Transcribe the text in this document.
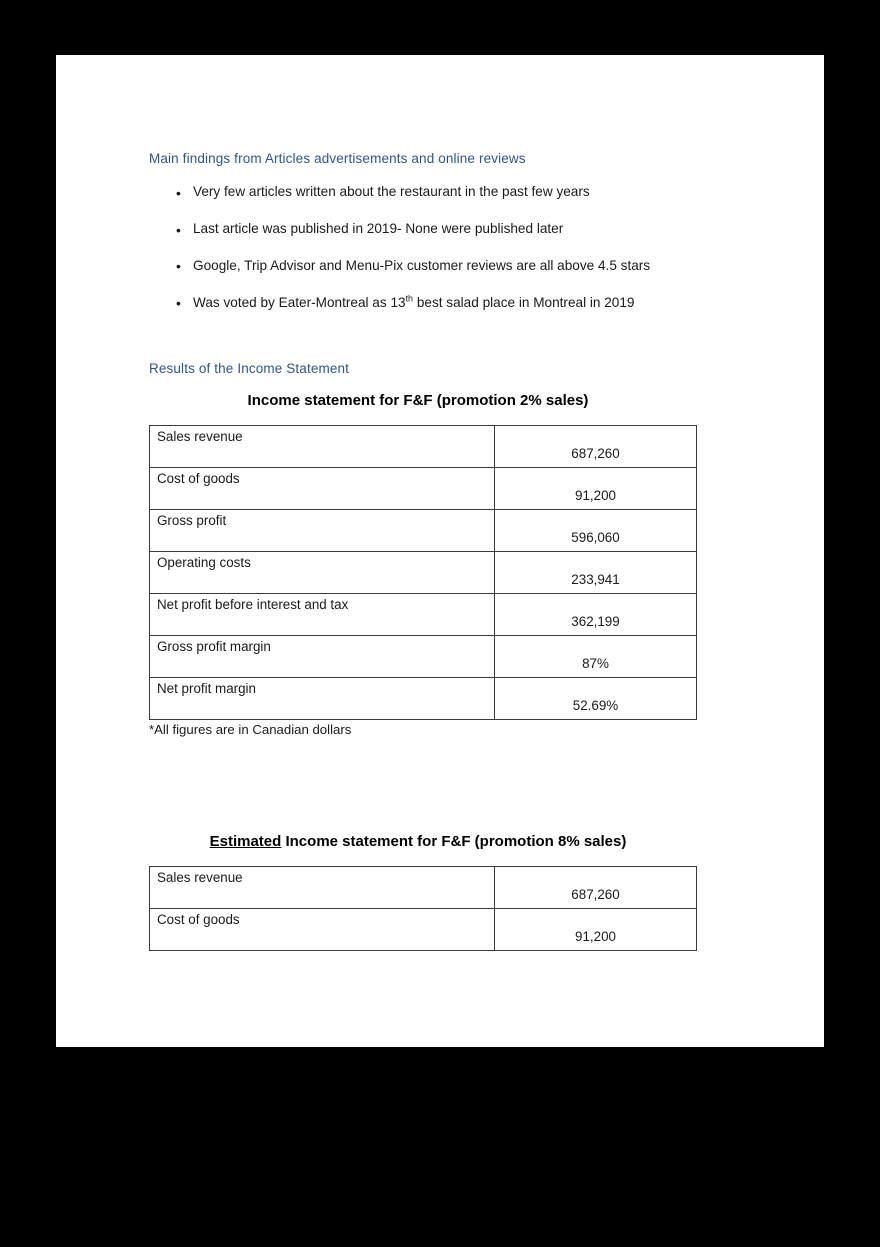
Main findings from Articles advertisements and online reviews

• Very few articles written about the restaurant in the past few years
• Last article was published in 2019- None were published later
• Google, Trip Advisor and Menu-Pix customer reviews are all above 4.5 stars
• Was voted by Eater-Montreal as 13th best salad place in Montreal in 2019

Results of the Income Statement

Income statement for F&F (promotion 2% sales)

Sales revenue	687,260
Cost of goods	91,200
Gross profit	596,060
Operating costs	233,941
Net profit before interest and tax	362,199
Gross profit margin	87%
Net profit margin	52.69%

*All figures are in Canadian dollars

Estimated Income statement for F&F (promotion 8% sales)

Sales revenue	687,260
Cost of goods	91,200
